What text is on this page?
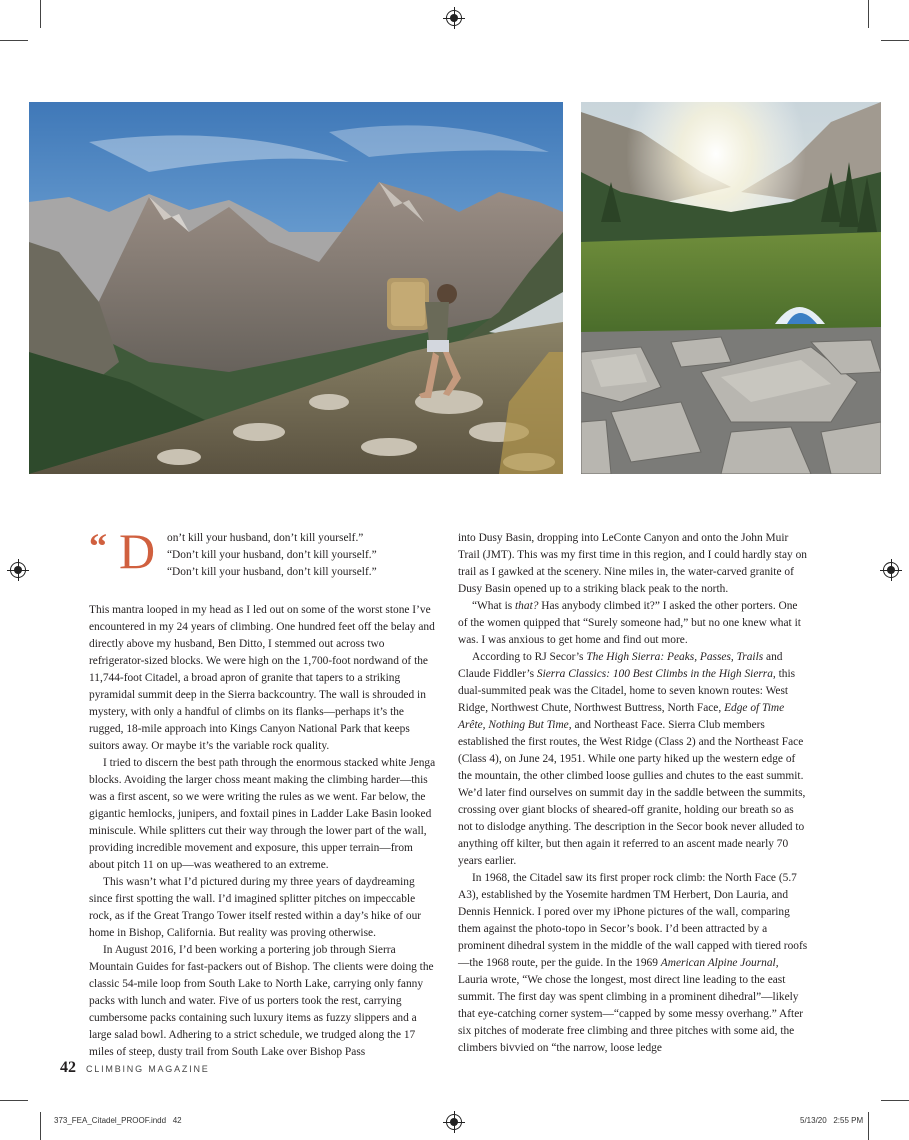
“ D on’t kill your husband, don’t kill yourself.”
“Don’t kill your husband, don’t kill yourself.”
“Don’t kill your husband, don’t kill yourself.”

This mantra looped in my head as I led out on some of the worst stone I’ve encountered in my 24 years of climbing. One hundred feet off the belay and directly above my husband, Ben Ditto, I stemmed out across two refrigerator-sized blocks. We were high on the 1,700-foot nordwand of the 11,744-foot Citadel, a broad apron of granite that tapers to a striking pyramidal summit deep in the Sierra backcountry. The wall is shrouded in mystery, with only a handful of climbs on its flanks—perhaps it’s the rugged, 18-mile approach into Kings Canyon National Park that keeps suitors away. Or maybe it’s the variable rock quality.

I tried to discern the best path through the enormous stacked white Jenga blocks. Avoiding the larger choss meant making the climbing harder—this was a first ascent, so we were writing the rules as we went. Far below, the gigantic hemlocks, junipers, and foxtail pines in Ladder Lake Basin looked miniscule. While splitters cut their way through the lower part of the wall, providing incredible movement and exposure, this upper terrain—from about pitch 11 on up—was weathered to an extreme.

This wasn’t what I’d pictured during my three years of daydreaming since first spotting the wall. I’d imagined splitter pitches on impeccable rock, as if the Great Trango Tower itself rested within a day’s hike of our home in Bishop, California. But reality was proving otherwise.

In August 2016, I’d been working a portering job through Sierra Mountain Guides for fast-packers out of Bishop. The clients were doing the classic 54-mile loop from South Lake to North Lake, carrying only fanny packs with lunch and water. Five of us porters took the rest, carrying cumbersome packs containing such luxury items as fuzzy slippers and a large salad bowl. Adhering to a strict schedule, we trudged along the 17 miles of steep, dusty trail from South Lake over Bishop Pass

into Dusy Basin, dropping into LeConte Canyon and onto the John Muir Trail (JMT). This was my first time in this region, and I could hardly stay on trail as I gawked at the scenery. Nine miles in, the water-carved granite of Dusy Basin opened up to a striking black peak to the north.

“What is that? Has anybody climbed it?” I asked the other porters. One of the women quipped that “Surely someone had,” but no one knew what it was. I was anxious to get home and find out more.

According to RJ Secor’s The High Sierra: Peaks, Passes, Trails and Claude Fiddler’s Sierra Classics: 100 Best Climbs in the High Sierra, this dual-summited peak was the Citadel, home to seven known routes: West Ridge, Northwest Chute, Northwest Buttress, North Face, Edge of Time Arête, Nothing But Time, and Northeast Face. Sierra Club members established the first routes, the West Ridge (Class 2) and the Northeast Face (Class 4), on June 24, 1951. While one party hiked up the western edge of the mountain, the other climbed loose gullies and chutes to the east summit. We’d later find ourselves on summit day in the saddle between the summits, crossing over giant blocks of sheared-off granite, holding our breath so as not to dislodge anything. The description in the Secor book never alluded to anything off kilter, but then again it referred to an ascent made nearly 70 years earlier.

In 1968, the Citadel saw its first proper rock climb: the North Face (5.7 A3), established by the Yosemite hardmen TM Herbert, Don Lauria, and Dennis Hennick. I pored over my iPhone pictures of the wall, comparing them against the photo-topo in Secor’s book. I’d been attracted by a prominent dihedral system in the middle of the wall capped with tiered roofs—the 1968 route, per the guide. In the 1969 American Alpine Journal, Lauria wrote, “We chose the longest, most direct line leading to the east summit. The first day was spent climbing in a prominent dihedral”—likely that eye-catching corner system—“capped by some messy overhang.” After six pitches of moderate free climbing and three pitches with some aid, the climbers bivvied on “the narrow, loose ledge

42 CLIMBING MAGAZINE
373_FEA_Citadel_PROOF.indd   42	5/13/20   2:55 PM
